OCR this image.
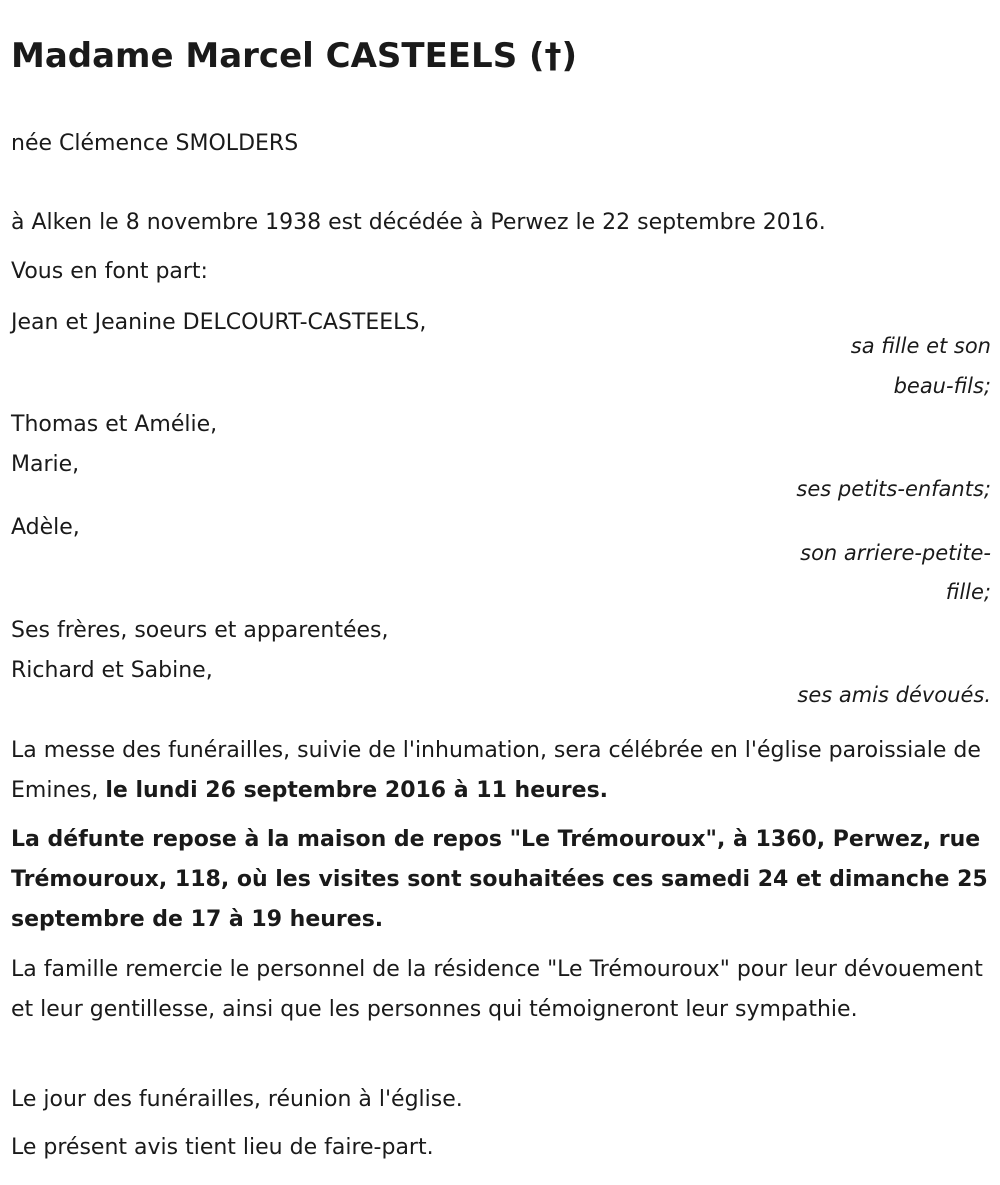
Madame Marcel CASTEELS (†)
née Clémence SMOLDERS
à Alken le 8 novembre 1938 est décédée à Perwez le 22 septembre 2016.
Vous en font part:
Jean et Jeanine DELCOURT-CASTEELS,
sa fille et son
beau-fils;
Thomas et Amélie,
Marie,
ses petits-enfants;
Adèle,
son arriere-petite-
fille;
Ses frères, soeurs et apparentées,
Richard et Sabine,
ses amis dévoués.
La messe des funérailles, suivie de l'inhumation, sera célébrée en l'église paroissiale de Emines, le lundi 26 septembre 2016 à 11 heures.
La défunte repose à la maison de repos "Le Trémouroux", à 1360, Perwez, rue Trémouroux, 118, où les visites sont souhaitées ces samedi 24 et dimanche 25 septembre de 17 à 19 heures.
La famille remercie le personnel de la résidence "Le Trémouroux" pour leur dévouement et leur gentillesse, ainsi que les personnes qui témoigneront leur sympathie.
Le jour des funérailles, réunion à l'église.
Le présent avis tient lieu de faire-part.
